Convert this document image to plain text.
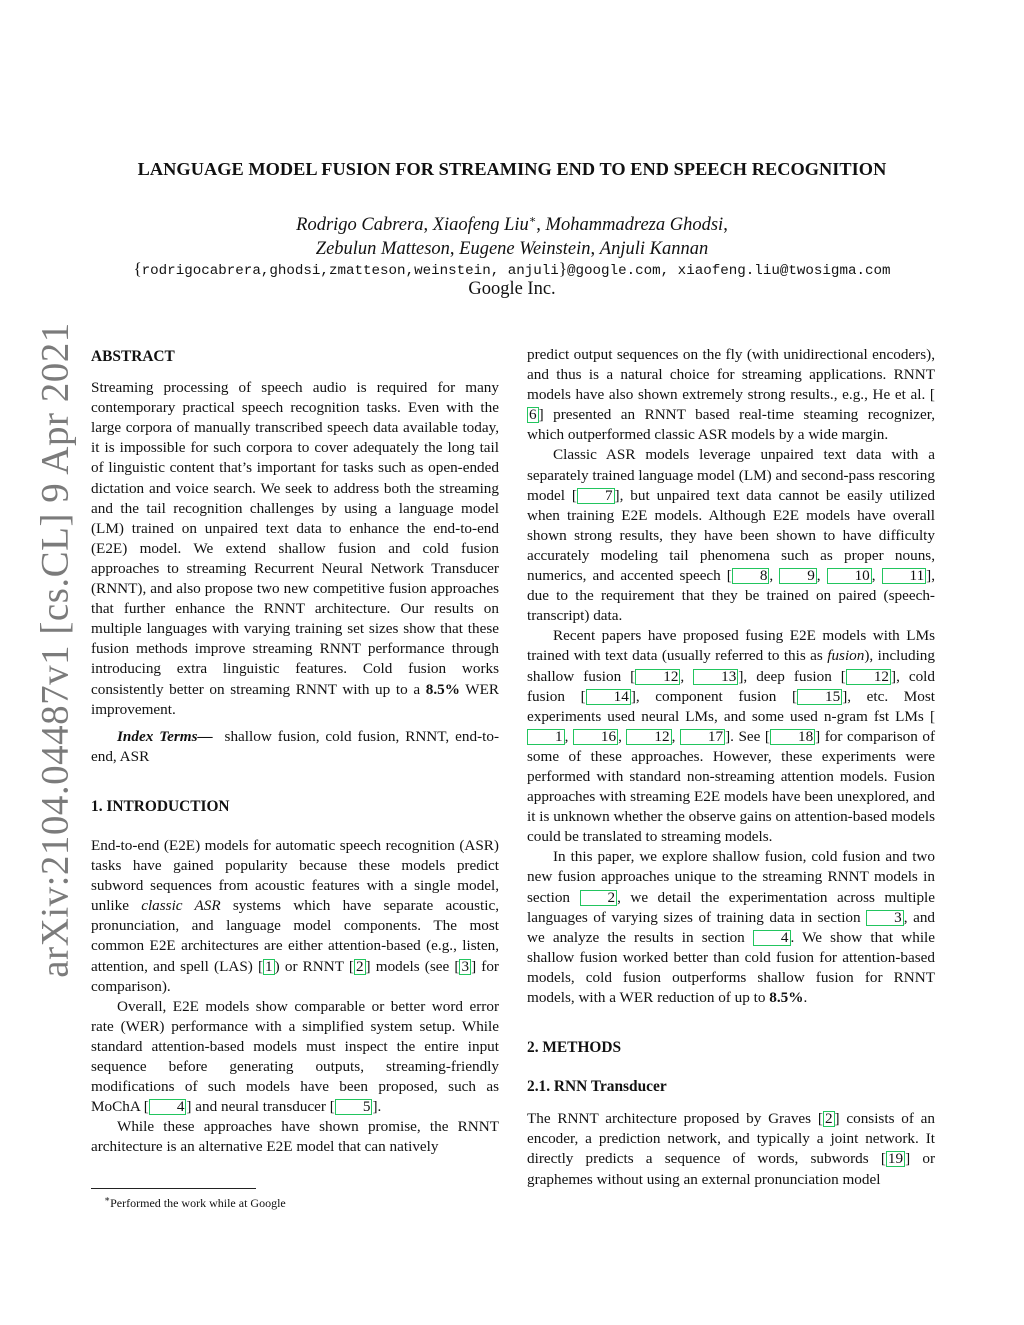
arXiv:2104.04487v1 [cs.CL] 9 Apr 2021
LANGUAGE MODEL FUSION FOR STREAMING END TO END SPEECH RECOGNITION
Rodrigo Cabrera, Xiaofeng Liu∗, Mohammadreza Ghodsi,
Zebulun Matteson, Eugene Weinstein, Anjuli Kannan
{rodrigocabrera,ghodsi,zmatteson,weinstein, anjuli}@google.com, xiaofeng.liu@twosigma.com
Google Inc.

ABSTRACT

Streaming processing of speech audio is required for many contemporary practical speech recognition tasks. Even with the large corpora of manually transcribed speech data available today, it is impossible for such corpora to cover adequately the long tail of linguistic content that’s important for tasks such as open-ended dictation and voice search. We seek to address both the streaming and the tail recognition challenges by using a language model (LM) trained on unpaired text data to enhance the end-to-end (E2E) model. We extend shallow fusion and cold fusion approaches to streaming Recurrent Neural Network Transducer (RNNT), and also propose two new competitive fusion approaches that further enhance the RNNT architecture. Our results on multiple languages with varying training set sizes show that these fusion methods improve streaming RNNT performance through introducing extra linguistic features. Cold fusion works consistently better on streaming RNNT with up to a 8.5% WER improvement.

Index Terms— shallow fusion, cold fusion, RNNT, end-to-end, ASR

1. INTRODUCTION

End-to-end (E2E) models for automatic speech recognition (ASR) tasks have gained popularity because these models predict subword sequences from acoustic features with a single model, unlike classic ASR systems which have separate acoustic, pronunciation, and language model components. The most common E2E architectures are either attention-based (e.g., listen, attention, and spell (LAS) [ 1 ) or RNNT [ 2 ] models (see [ 3 ] for comparison).

Overall, E2E models show comparable or better word error rate (WER) performance with a simplified system setup. While standard attention-based models must inspect the entire input sequence before generating outputs, streaming-friendly modifications of such models have been proposed, such as MoChA [ 4 ] and neural transducer [ 5 ].

While these approaches have shown promise, the RNNT architecture is an alternative E2E model that can natively

predict output sequences on the fly (with unidirectional encoders), and thus is a natural choice for streaming applications. RNNT models have also shown extremely strong results., e.g., He et al. [6 ] presented an RNNT based real-time steaming recognizer, which outperformed classic ASR models by a wide margin.

Classic ASR models leverage unpaired text data with a separately trained language model (LM) and second-pass rescoring model [ 7 ], but unpaired text data cannot be easily utilized when training E2E models. Although E2E models have overall shown strong results, they have been shown to have difficulty accurately modeling tail phenomena such as proper nouns, numerics, and accented speech [ 8 , 9 , 10 , 11 ], due to the requirement that they be trained on paired (speech-transcript) data.

Recent papers have proposed fusing E2E models with LMs trained with text data (usually referred to this as fusion), including shallow fusion [ 12 , 13 ], deep fusion [ 12 ], cold fusion [ 14 ], component fusion [ 15 ], etc. Most experiments used neural LMs, and some used n-gram fst LMs [1 , 16 , 12 , 17 ]. See [ 18 ] for comparison of some of these approaches. However, these experiments were performed with standard non-streaming attention models. Fusion approaches with streaming E2E models have been unexplored, and it is unknown whether the observe gains on attention-based models could be translated to streaming models.

In this paper, we explore shallow fusion, cold fusion and two new fusion approaches unique to the streaming RNNT models in section 2 , we detail the experimentation across multiple languages of varying sizes of training data in section 3 , and we analyze the results in section 4 . We show that while shallow fusion worked better than cold fusion for attention-based models, cold fusion outperforms shallow fusion for RNNT models, with a WER reduction of up to 8.5%.

2. METHODS

2.1. RNN Transducer

The RNNT architecture proposed by Graves [ 2 ] consists of an encoder, a prediction network, and typically a joint network. It directly predicts a sequence of words, subwords [ 19 ] or graphemes without using an external pronunciation model

∗Performed the work while at Google
